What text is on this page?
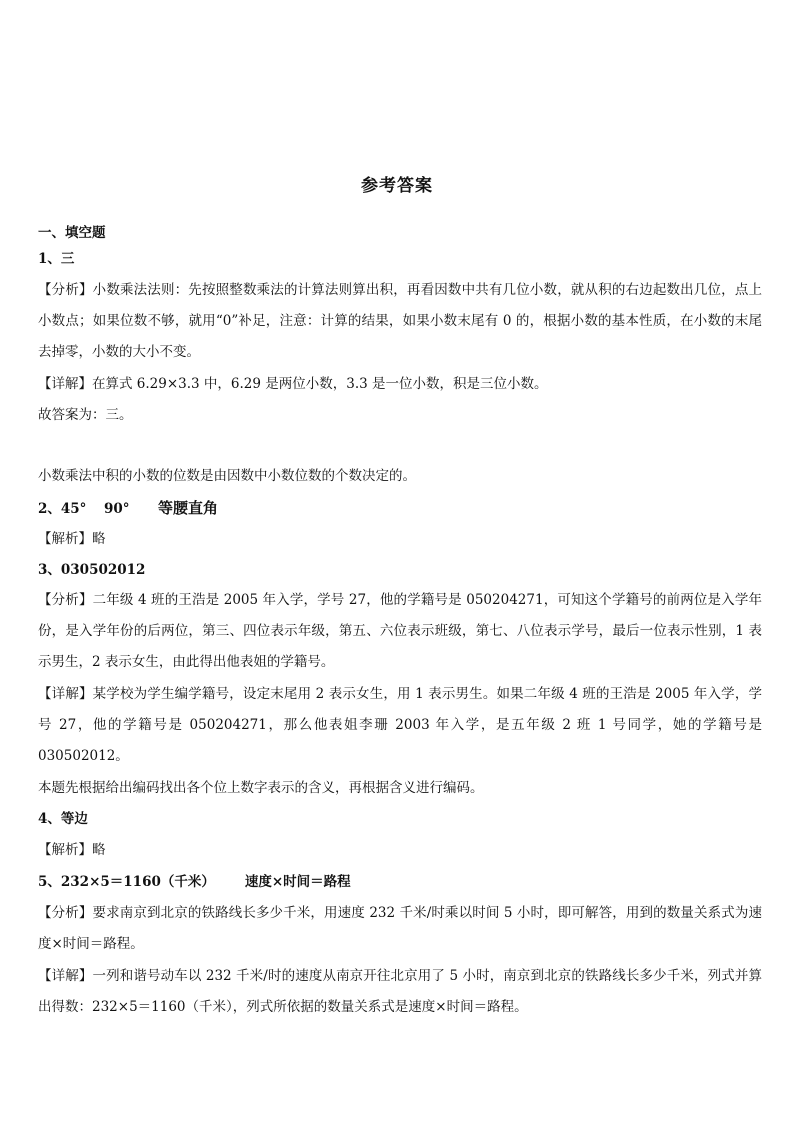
参考答案
一、填空题
1、三
【分析】小数乘法法则：先按照整数乘法的计算法则算出积，再看因数中共有几位小数，就从积的右边起数出几位，点上小数点；如果位数不够，就用“0”补足，注意：计算的结果，如果小数末尾有 0 的，根据小数的基本性质，在小数的末尾去掉零，小数的大小不变。
【详解】在算式 6.29×3.3 中，6.29 是两位小数，3.3 是一位小数，积是三位小数。
故答案为：三。
小数乘法中积的小数的位数是由因数中小数位数的个数决定的。
2、45° 90° 等腰直角
【解析】略
3、030502012
【分析】二年级 4 班的王浩是 2005 年入学，学号 27，他的学籍号是 050204271，可知这个学籍号的前两位是入学年份，是入学年份的后两位，第三、四位表示年级，第五、六位表示班级，第七、八位表示学号，最后一位表示性别，1 表示男生，2 表示女生，由此得出他表姐的学籍号。
【详解】某学校为学生编学籍号，设定末尾用 2 表示女生，用 1 表示男生。如果二年级 4 班的王浩是 2005 年入学，学号 27，他的学籍号是 050204271，那么他表姐李珊 2003 年入学，是五年级 2 班 1 号同学，她的学籍号是 030502012。
本题先根据给出编码找出各个位上数字表示的含义，再根据含义进行编码。
4、等边
【解析】略
5、232×5＝1160（千米） 速度×时间＝路程
【分析】要求南京到北京的铁路线长多少千米，用速度 232 千米/时乘以时间 5 小时，即可解答，用到的数量关系式为速度×时间＝路程。
【详解】一列和谐号动车以 232 千米/时的速度从南京开往北京用了 5 小时，南京到北京的铁路线长多少千米，列式并算出得数：232×5＝1160（千米），列式所依据的数量关系式是速度×时间＝路程。
